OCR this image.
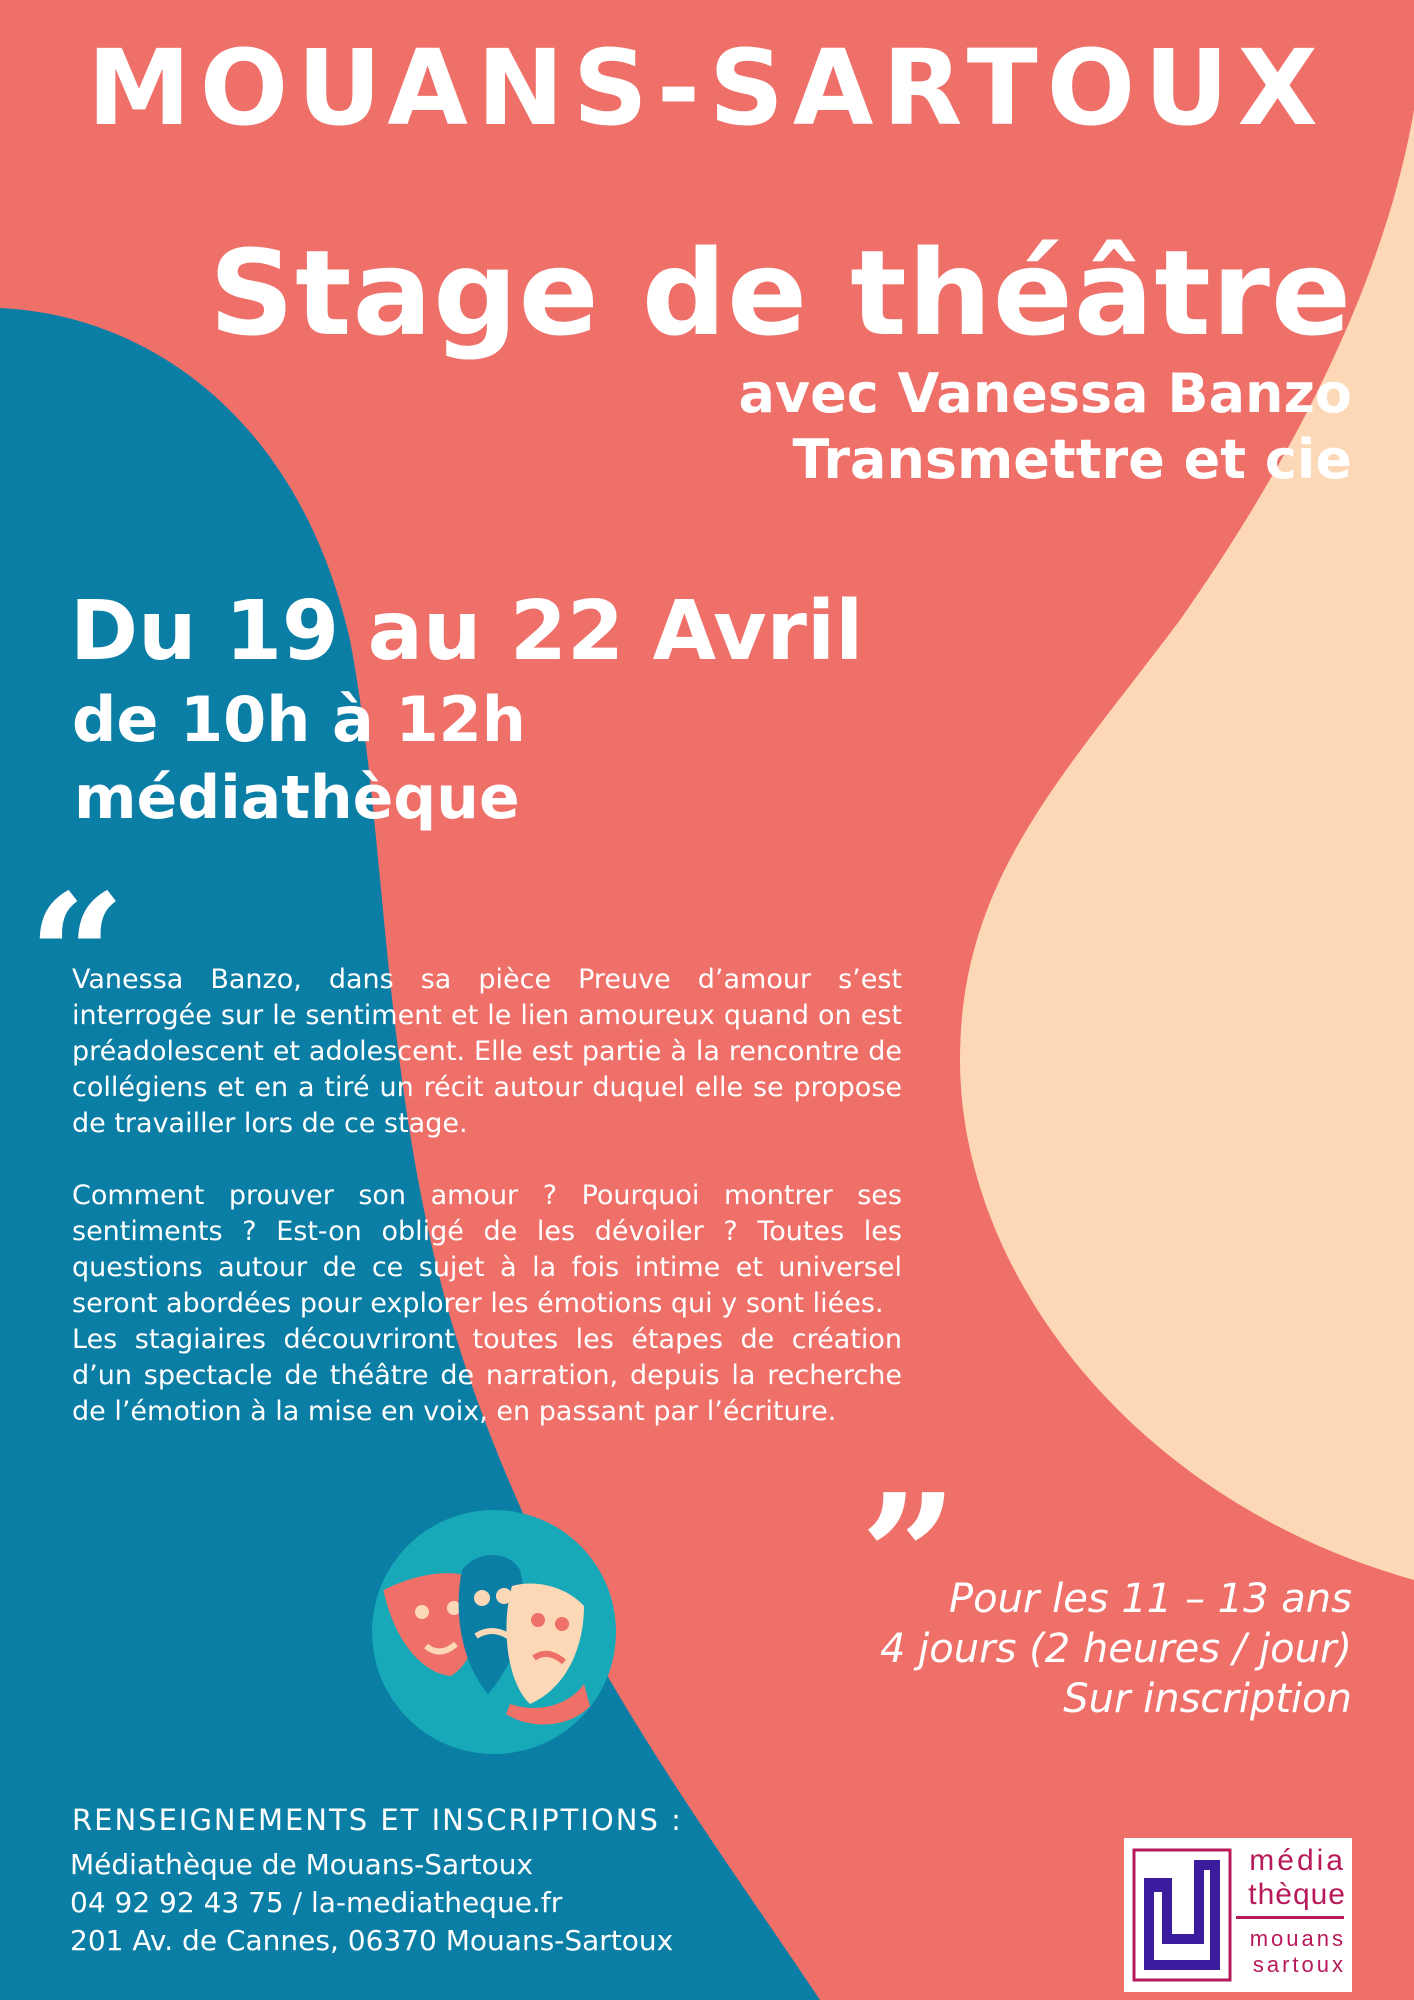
MOUANS-SARTOUX
Stage de théâtre
avec Vanessa Banzo
Transmettre et cie
Du 19 au 22 Avril
de 10h à 12h
médiathèque
“

Vanessa Banzo, dans sa pièce Preuve d’amour s’est interrogée sur le sentiment et le lien amoureux quand on est préadolescent et adolescent. Elle est partie à la rencontre de collégiens et en a tiré un récit autour duquel elle se propose de travailler lors de ce stage.

Comment prouver son amour ? Pourquoi montrer ses sentiments ? Est-on obligé de les dévoiler ? Toutes les questions autour de ce sujet à la fois intime et universel seront abordées pour explorer les émotions qui y sont liées.

Les stagiaires découvriront toutes les étapes de création d’un spectacle de théâtre de narration, depuis la recherche de l’émotion à la mise en voix, en passant par l’écriture.

”
Pour les 11 – 13 ans
4 jours (2 heures / jour)
Sur inscription
RENSEIGNEMENTS ET INSCRIPTIONS :
Médiathèque de Mouans-Sartoux
04 92 92 43 75 / la-mediatheque.fr
201 Av. de Cannes, 06370 Mouans-Sartoux
média
thèque
mouans
sartoux
